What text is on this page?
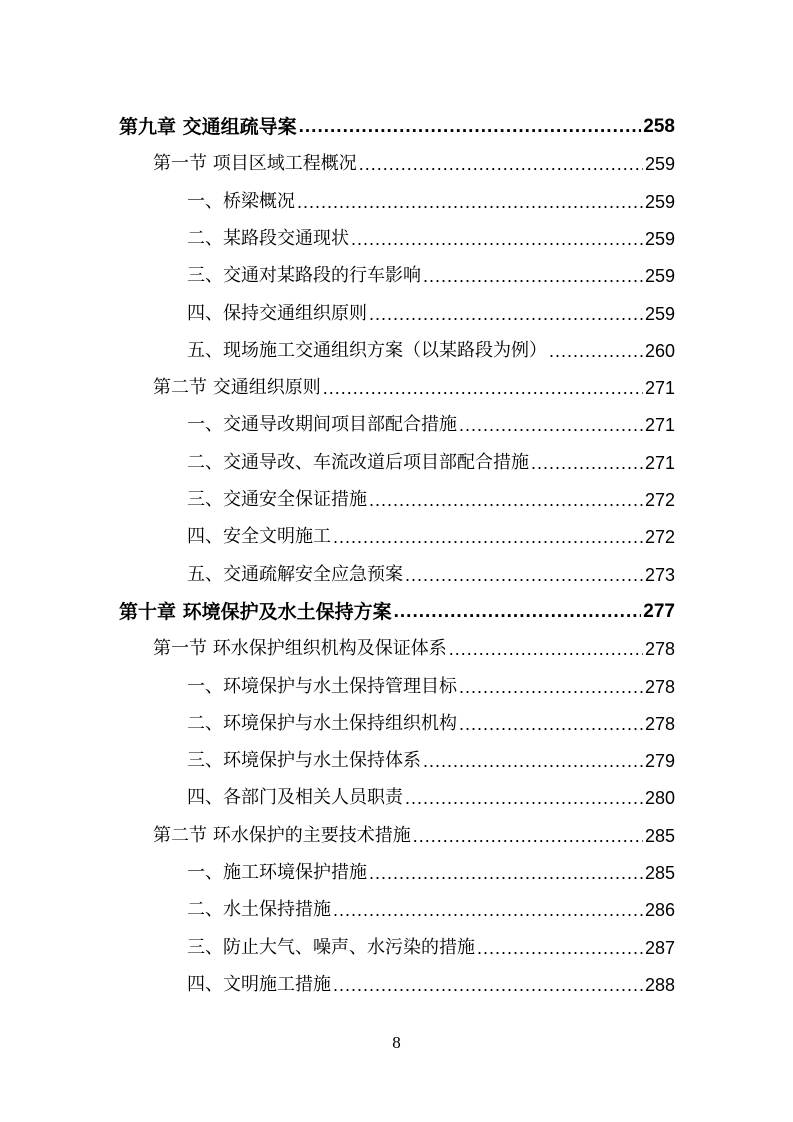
第九章 交通组疏导案 .....	258
第一节 项目区域工程概况 .....	259
一、桥梁概况 .....	259
二、某路段交通现状 .....	259
三、交通对某路段的行车影响 .....	259
四、保持交通组织原则 .....	259
五、现场施工交通组织方案（以某路段为例） .....	260
第二节 交通组织原则 .....	271
一、交通导改期间项目部配合措施 .....	271
二、交通导改、车流改道后项目部配合措施 .....	271
三、交通安全保证措施 .....	272
四、安全文明施工 .....	272
五、交通疏解安全应急预案 .....	273
第十章 环境保护及水土保持方案 .....	277
第一节 环水保护组织机构及保证体系 .....	278
一、环境保护与水土保持管理目标 .....	278
二、环境保护与水土保持组织机构 .....	278
三、环境保护与水土保持体系 .....	279
四、各部门及相关人员职责 .....	280
第二节 环水保护的主要技术措施 .....	285
一、施工环境保护措施 .....	285
二、水土保持措施 .....	286
三、防止大气、噪声、水污染的措施 .....	287
四、文明施工措施 .....	288
8
